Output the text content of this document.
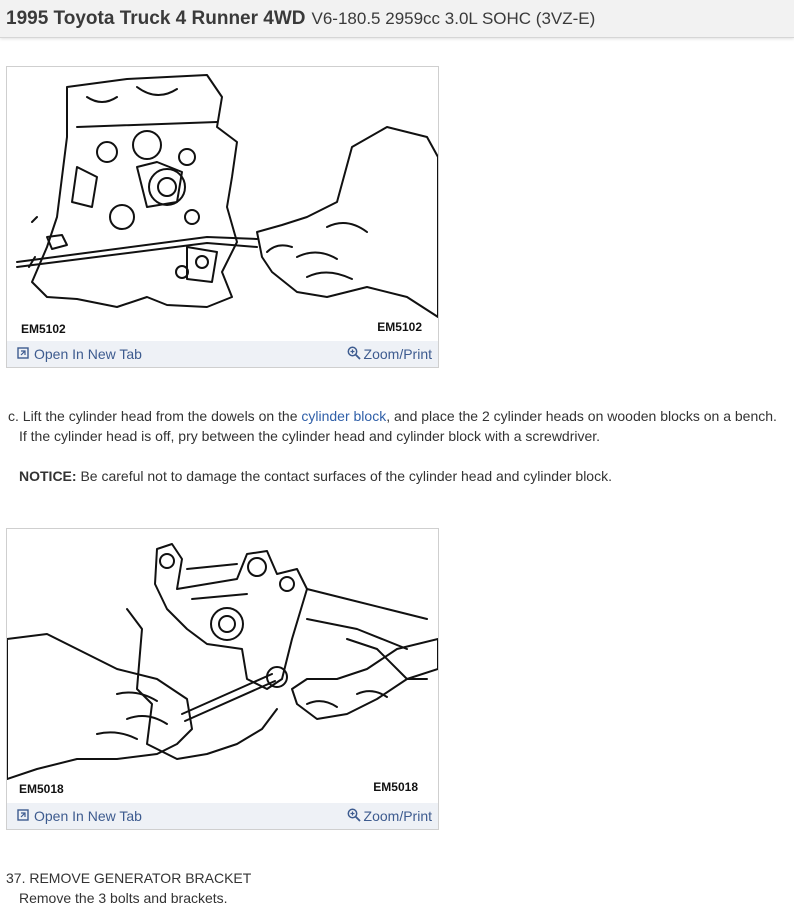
1995 Toyota Truck 4 Runner 4WD V6-180.5 2959cc 3.0L SOHC (3VZ-E)
EM5102	EM5102
Open In New Tab	Zoom/Print
c. Lift the cylinder head from the dowels on the cylinder block, and place the 2 cylinder heads on wooden blocks on a bench.
If the cylinder head is off, pry between the cylinder head and cylinder block with a screwdriver.
NOTICE: Be careful not to damage the contact surfaces of the cylinder head and cylinder block.
EM5018	EM5018
Open In New Tab	Zoom/Print
37. REMOVE GENERATOR BRACKET
Remove the 3 bolts and brackets.
